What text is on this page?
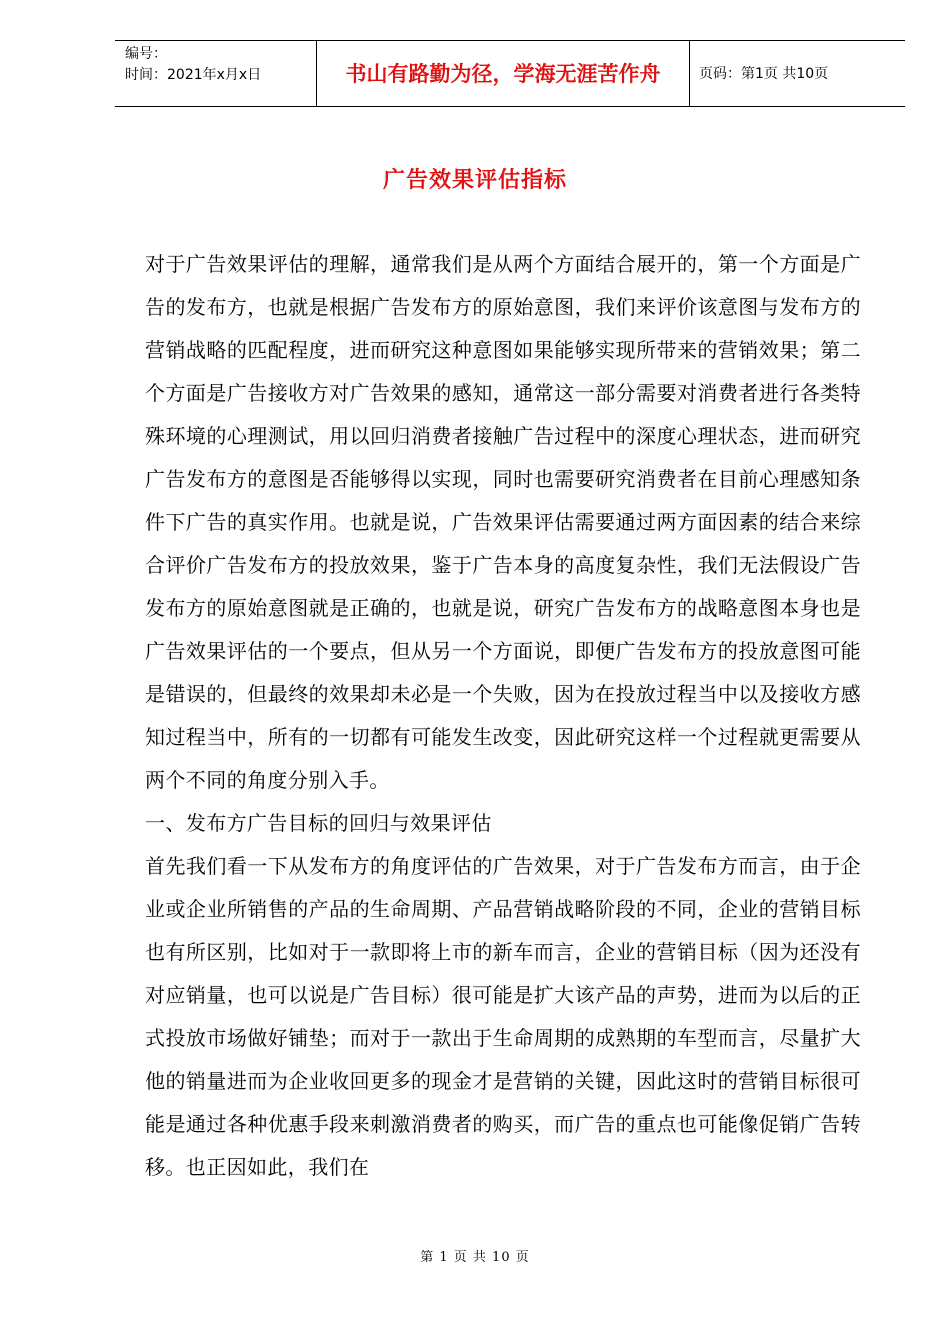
编号：
时间：2021年x月x日	书山有路勤为径，学海无涯苦作舟	页码：第1页 共10页
广告效果评估指标

对于广告效果评估的理解，通常我们是从两个方面结合展开的，第一个方面是广告的发布方，也就是根据广告发布方的原始意图，我们来评价该意图与发布方的营销战略的匹配程度，进而研究这种意图如果能够实现所带来的营销效果；第二个方面是广告接收方对广告效果的感知，通常这一部分需要对消费者进行各类特殊环境的心理测试，用以回归消费者接触广告过程中的深度心理状态，进而研究广告发布方的意图是否能够得以实现，同时也需要研究消费者在目前心理感知条件下广告的真实作用。也就是说，广告效果评估需要通过两方面因素的结合来综合评价广告发布方的投放效果，鉴于广告本身的高度复杂性，我们无法假设广告发布方的原始意图就是正确的，也就是说，研究广告发布方的战略意图本身也是广告效果评估的一个要点，但从另一个方面说，即便广告发布方的投放意图可能是错误的，但最终的效果却未必是一个失败，因为在投放过程当中以及接收方感知过程当中，所有的一切都有可能发生改变，因此研究这样一个过程就更需要从两个不同的角度分别入手。

一、发布方广告目标的回归与效果评估

首先我们看一下从发布方的角度评估的广告效果，对于广告发布方而言，由于企业或企业所销售的产品的生命周期、产品营销战略阶段的不同，企业的营销目标也有所区别，比如对于一款即将上市的新车而言，企业的营销目标（因为还没有对应销量，也可以说是广告目标）很可能是扩大该产品的声势，进而为以后的正式投放市场做好铺垫；而对于一款出于生命周期的成熟期的车型而言，尽量扩大他的销量进而为企业收回更多的现金才是营销的关键，因此这时的营销目标很可能是通过各种优惠手段来刺激消费者的购买，而广告的重点也可能像促销广告转移。也正因如此，我们在

第 1 页 共 10 页
